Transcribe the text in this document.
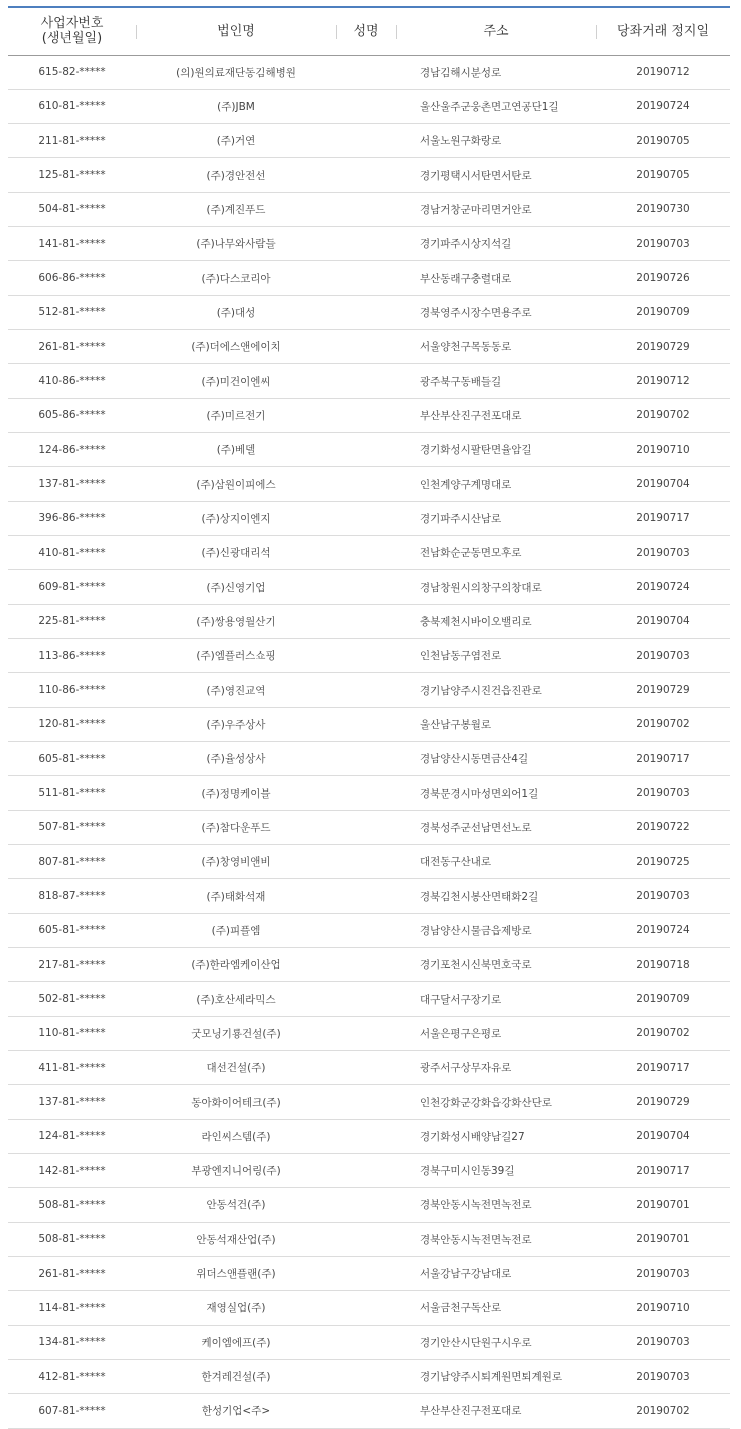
사업자번호
(생년월일)	법인명	성명	주소	당좌거래 정지일
615-82-*****	(의)원의료재단동김해병원		경남김해시분성로	20190712
610-81-*****	(주)JBM		울산울주군웅촌면고연공단1길	20190724
211-81-*****	(주)거연		서울노원구화랑로	20190705
125-81-*****	(주)경안전선		경기평택시서탄면서탄로	20190705
504-81-*****	(주)계진푸드		경남거창군마리면거안로	20190730
141-81-*****	(주)나무와사람들		경기파주시상지석길	20190703
606-86-*****	(주)다스코리아		부산동래구충렬대로	20190726
512-81-*****	(주)대성		경북영주시장수면용주로	20190709
261-81-*****	(주)더에스앤에이치		서울양천구목동동로	20190729
410-86-*****	(주)미건이엔씨		광주북구동배들길	20190712
605-86-*****	(주)미르전기		부산부산진구전포대로	20190702
124-86-*****	(주)베델		경기화성시팔탄면율암길	20190710
137-81-*****	(주)삼원이피에스		인천계양구계명대로	20190704
396-86-*****	(주)상지이엔지		경기파주시산남로	20190717
410-81-*****	(주)신광대리석		전남화순군동면모후로	20190703
609-81-*****	(주)신영기업		경남창원시의창구의창대로	20190724
225-81-*****	(주)쌍용영월산기		충북제천시바이오밸리로	20190704
113-86-*****	(주)엠플러스쇼핑		인천남동구염전로	20190703
110-86-*****	(주)영진교역		경기남양주시진건읍진관로	20190729
120-81-*****	(주)우주상사		울산남구봉월로	20190702
605-81-*****	(주)율성상사		경남양산시동면금산4길	20190717
511-81-*****	(주)정명케이블		경북문경시마성면외어1길	20190703
507-81-*****	(주)참다운푸드		경북성주군선남면선노로	20190722
807-81-*****	(주)창영비앤비		대전동구산내로	20190725
818-87-*****	(주)태화석재		경북김천시봉산면태화2길	20190703
605-81-*****	(주)피플엠		경남양산시물금읍제방로	20190724
217-81-*****	(주)한라엠케이산업		경기포천시신북면호국로	20190718
502-81-*****	(주)호산세라믹스		대구달서구장기로	20190709
110-81-*****	굿모닝기룡건설(주)		서울은평구은평로	20190702
411-81-*****	대선건설(주)		광주서구상무자유로	20190717
137-81-*****	동아화이어테크(주)		인천강화군강화읍강화산단로	20190729
124-81-*****	라인씨스템(주)		경기화성시배양남길27	20190704
142-81-*****	부광엔지니어링(주)		경북구미시인동39길	20190717
508-81-*****	안동석건(주)		경북안동시녹전면녹전로	20190701
508-81-*****	안동석재산업(주)		경북안동시녹전면녹전로	20190701
261-81-*****	위더스앤플랜(주)		서울강남구강남대로	20190703
114-81-*****	재영실업(주)		서울금천구독산로	20190710
134-81-*****	케이엠에프(주)		경기안산시단원구시우로	20190703
412-81-*****	한겨레건설(주)		경기남양주시퇴계원면퇴계원로	20190703
607-81-*****	한성기업<주>		부산부산진구전포대로	20190702
